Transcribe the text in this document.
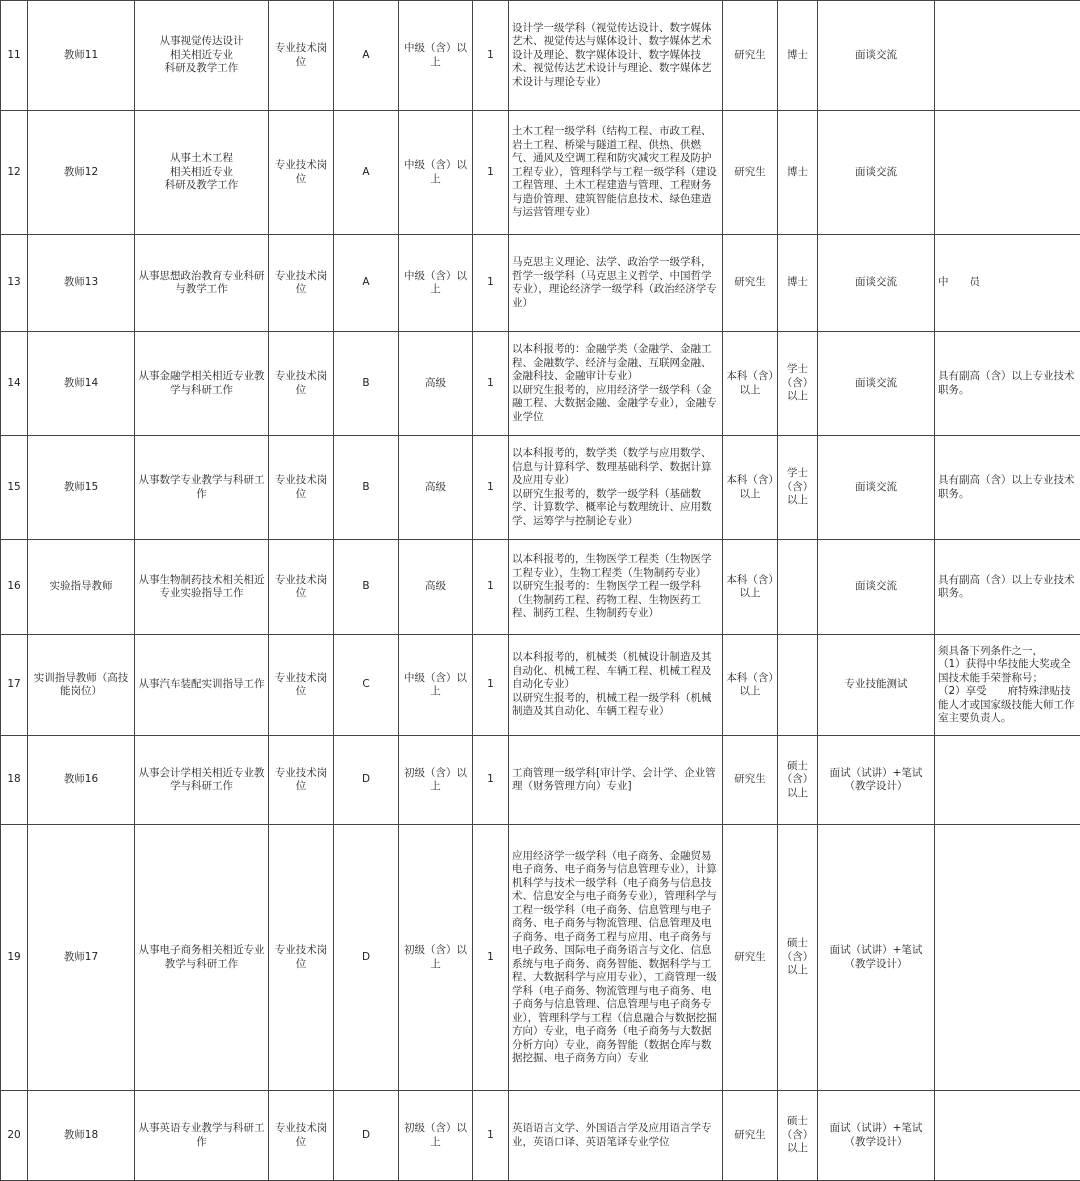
11	教师11	从事视觉传达设计
相关相近专业
科研及教学工作	专业技术岗位	A	中级（含）以上	1	设计学一级学科（视觉传达设计、数字媒体艺术、视觉传达与媒体设计、数字媒体艺术设计及理论、数字媒体设计、数字媒体技术、视觉传达艺术设计与理论、数字媒体艺术设计与理论专业）	研究生	博士	面谈交流	
12	教师12	从事土木工程
相关相近专业
科研及教学工作	专业技术岗位	A	中级（含）以上	1	土木工程一级学科（结构工程、市政工程、岩土工程、桥梁与隧道工程、供热、供燃气、通风及空调工程和防灾减灾工程及防护工程专业），管理科学与工程一级学科（建设工程管理、土木工程建造与管理、工程财务与造价管理、建筑智能信息技术、绿色建造与运营管理专业）	研究生	博士	面谈交流	
13	教师13	从事思想政治教育专业科研与教学工作	专业技术岗位	A	中级（含）以上	1	马克思主义理论、法学、政治学一级学科，哲学一级学科（马克思主义哲学、中国哲学专业），理论经济学一级学科（政治经济学专业）	研究生	博士	面谈交流	中　　员
14	教师14	从事金融学相关相近专业教学与科研工作	专业技术岗位	B	高级	1	以本科报考的：金融学类（金融学、金融工程、金融数学、经济与金融、互联网金融、金融科技、金融审计专业）
以研究生报考的，应用经济学一级学科（金融工程、大数据金融、金融学专业），金融专业学位	本科（含）以上	学士（含）以上	面谈交流	具有副高（含）以上专业技术职务。
15	教师15	从事数学专业教学与科研工作	专业技术岗位	B	高级	1	以本科报考的，数学类（数学与应用数学、信息与计算科学、数理基础科学、数据计算及应用专业）
以研究生报考的，数学一级学科（基础数学、计算数学、概率论与数理统计、应用数学、运筹学与控制论专业）	本科（含）以上	学士（含）以上	面谈交流	具有副高（含）以上专业技术职务。
16	实验指导教师	从事生物制药技术相关相近专业实验指导工作	专业技术岗位	B	高级	1	以本科报考的，生物医学工程类（生物医学工程专业），生物工程类（生物制药专业）
以研究生报考的：生物医学工程一级学科（生物制药工程、药物工程、生物医药工程、制药工程、生物制药专业）	本科（含）以上		面谈交流	具有副高（含）以上专业技术职务。
17	实训指导教师（高技能岗位）	从事汽车装配实训指导工作	专业技术岗位	C	中级（含）以上	1	以本科报考的，机械类（机械设计制造及其自动化、机械工程、车辆工程、机械工程及自动化专业）
以研究生报考的，机械工程一级学科（机械制造及其自动化、车辆工程专业）	本科（含）以上		专业技能测试	须具备下列条件之一，
（1）获得中华技能大奖或全国技术能手荣誉称号；
（2）享受　　府特殊津贴技能人才或国家级技能大师工作室主要负责人。
18	教师16	从事会计学相关相近专业教学与科研工作	专业技术岗位	D	初级（含）以上	1	工商管理一级学科[审计学、会计学、企业管理（财务管理方向）专业]	研究生	硕士（含）以上	面试（试讲）+笔试（教学设计）	
19	教师17	从事电子商务相关相近专业教学与科研工作	专业技术岗位	D	初级（含）以上	1	应用经济学一级学科（电子商务、金融贸易电子商务、电子商务与信息管理专业），计算机科学与技术一级学科（电子商务与信息技术、信息安全与电子商务专业），管理科学与工程一级学科（电子商务、信息管理与电子商务、电子商务与物流管理、信息管理及电子商务、电子商务工程与应用、电子商务与电子政务、国际电子商务语言与文化、信息系统与电子商务、商务智能、数据科学与工程、大数据科学与应用专业），工商管理一级学科（电子商务、物流管理与电子商务、电子商务与信息管理、信息管理与电子商务专业），管理科学与工程（信息融合与数据挖掘方向）专业，电子商务（电子商务与大数据分析方向）专业，商务智能（数据仓库与数据挖掘、电子商务方向）专业	研究生	硕士（含）以上	面试（试讲）+笔试（教学设计）	
20	教师18	从事英语专业教学与科研工作	专业技术岗位	D	初级（含）以上	1	英语语言文学、外国语言学及应用语言学专业，英语口译、英语笔译专业学位	研究生	硕士（含）以上	面试（试讲）+笔试（教学设计）	
